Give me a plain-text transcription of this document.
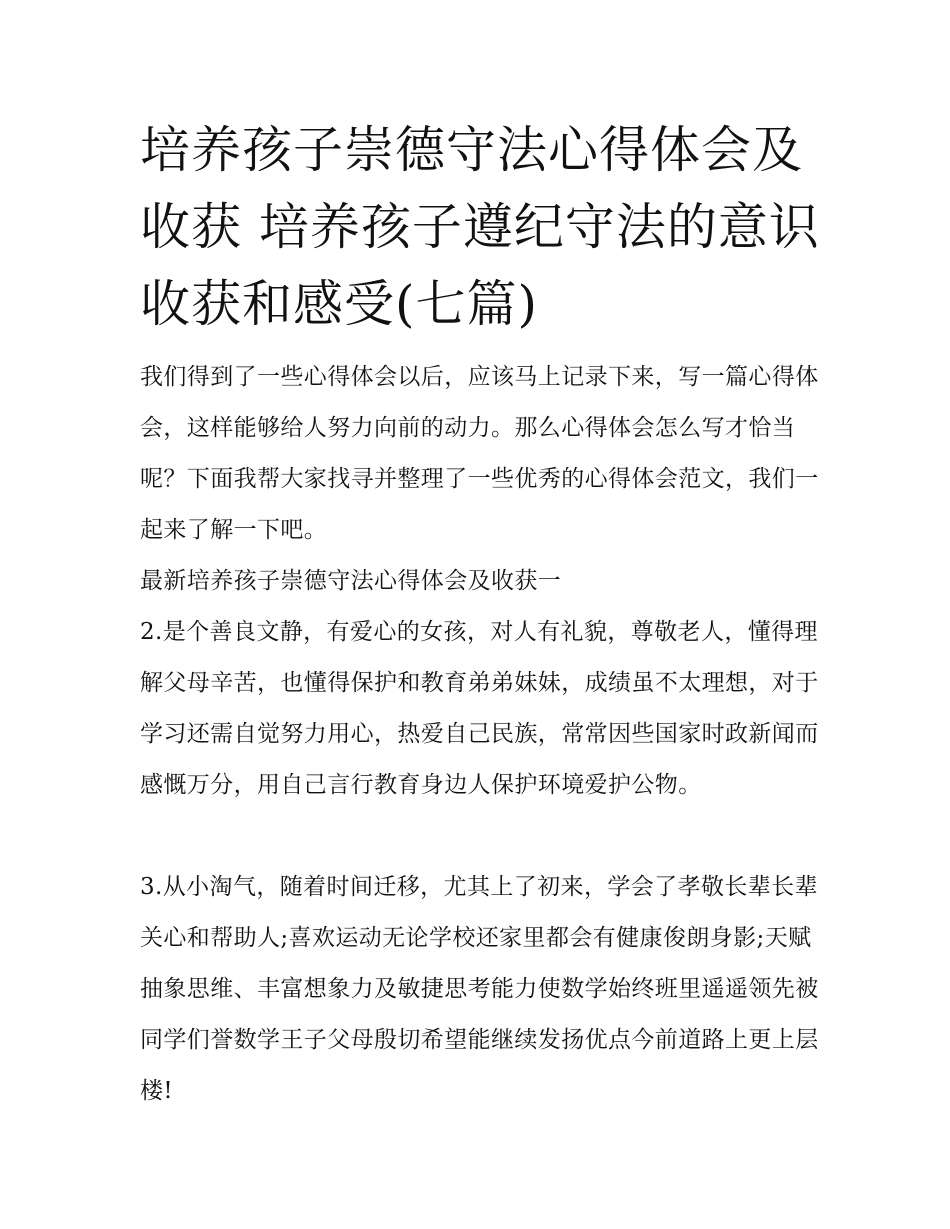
培养孩子崇德守法心得体会及收获 培养孩子遵纪守法的意识收获和感受(七篇)

我们得到了一些心得体会以后，应该马上记录下来，写一篇心得体会，这样能够给人努力向前的动力。那么心得体会怎么写才恰当呢？下面我帮大家找寻并整理了一些优秀的心得体会范文，我们一起来了解一下吧。

最新培养孩子崇德守法心得体会及收获一

2.是个善良文静，有爱心的女孩，对人有礼貌，尊敬老人，懂得理解父母辛苦，也懂得保护和教育弟弟妹妹，成绩虽不太理想，对于学习还需自觉努力用心，热爱自己民族，常常因些国家时政新闻而感慨万分，用自己言行教育身边人保护环境爱护公物。

3.从小淘气，随着时间迁移，尤其上了初来，学会了孝敬长辈长辈关心和帮助人;喜欢运动无论学校还家里都会有健康俊朗身影;天赋抽象思维、丰富想象力及敏捷思考能力使数学始终班里遥遥领先被同学们誉数学王子父母殷切希望能继续发扬优点今前道路上更上层楼!
